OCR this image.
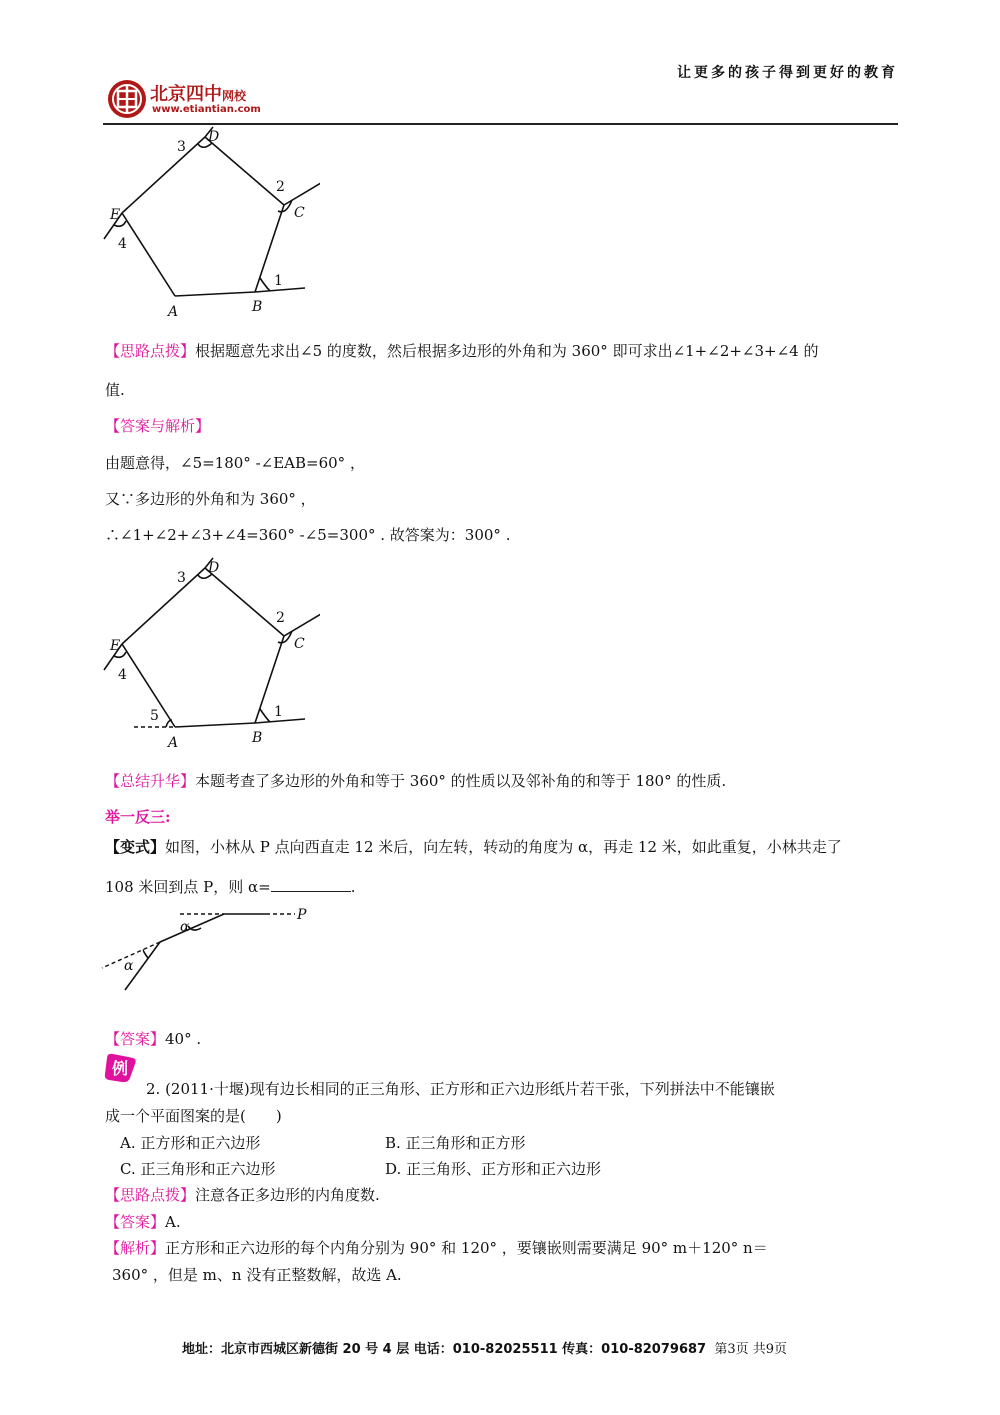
让更多的孩子得到更好的教育
北京四中网校
www.etiantian.com
D
C
E
A	B
1
2
3
4
【思路点拨】根据题意先求出∠5 的度数，然后根据多边形的外角和为 360° 即可求出∠1+∠2+∠3+∠4 的
值.
【答案与解析】
由题意得，∠5=180° -∠EAB=60° ，
又∵多边形的外角和为 360° ，
∴∠1+∠2+∠3+∠4=360° -∠5=300° . 故答案为：300° .
D
C
E
A	B
1
2
3
4
5
【总结升华】本题考查了多边形的外角和等于 360° 的性质以及邻补角的和等于 180° 的性质.
举一反三:
【变式】如图，小林从 P 点向西直走 12 米后，向左转，转动的角度为 α，再走 12 米，如此重复，小林共走了
108 米回到点 P，则 α=	.
P
α
α
【答案】40° .
例
2. (2011·十堰)现有边长相同的正三角形、正方形和正六边形纸片若干张，下列拼法中不能镶嵌
成一个平面图案的是(　　)
A. 正方形和正六边形	B. 正三角形和正方形
C. 正三角形和正六边形	D. 正三角形、正方形和正六边形
【思路点拨】注意各正多边形的内角度数.
【答案】A.
【解析】正方形和正六边形的每个内角分别为 90° 和 120° ，要镶嵌则需要满足 90° m＋120° n＝
360° ，但是 m、n 没有正整数解，故选 A.
地址：北京市西城区新德街 20 号 4 层 电话：010-82025511 传真：010-82079687 第3页 共9页
